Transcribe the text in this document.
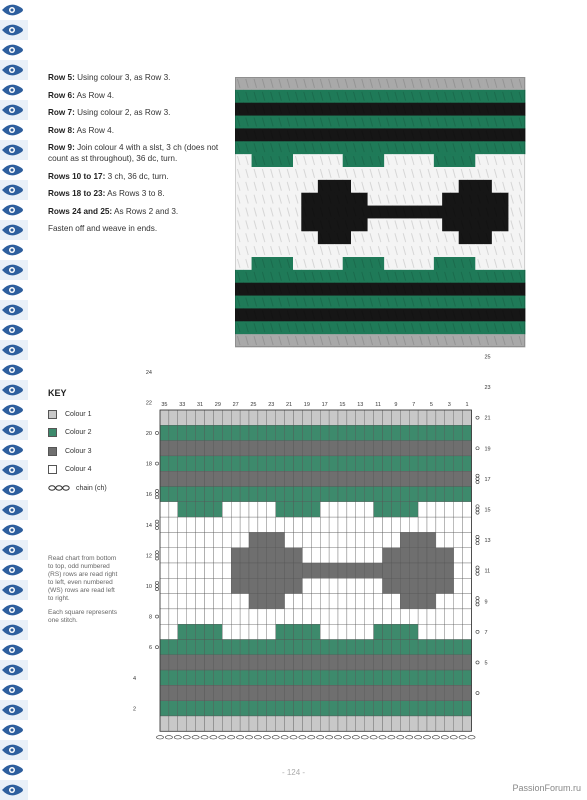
Row 5: Using colour 3, as Row 3.

Row 6: As Row 4.

Row 7: Using colour 2, as Row 3.

Row 8: As Row 4.

Row 9: Join colour 4 with a slst, 3 ch (does not count as st throughout), 36 dc, turn.

Rows 10 to 17: 3 ch, 36 dc, turn.

Rows 18 to 23: As Rows 3 to 8.

Rows 24 and 25: As Rows 2 and 3.

Fasten off and weave in ends.

KEY
Colour 1
Colour 2
Colour 3
Colour 4
chain (ch)

Read chart from bottom to top, odd numbered (RS) rows are read right to left, even numbered (WS) rows are read left to right.

Each square represents one stitch.

35 33 31 29 27 25 23 21 19 17 15 13 11 9	7	5	3	1
25
23
21
19
17
15
13
11
9
7
5
24
22
20
18
16
14
12
10
8
6
4
2
- 124 -
PassionForum.ru
